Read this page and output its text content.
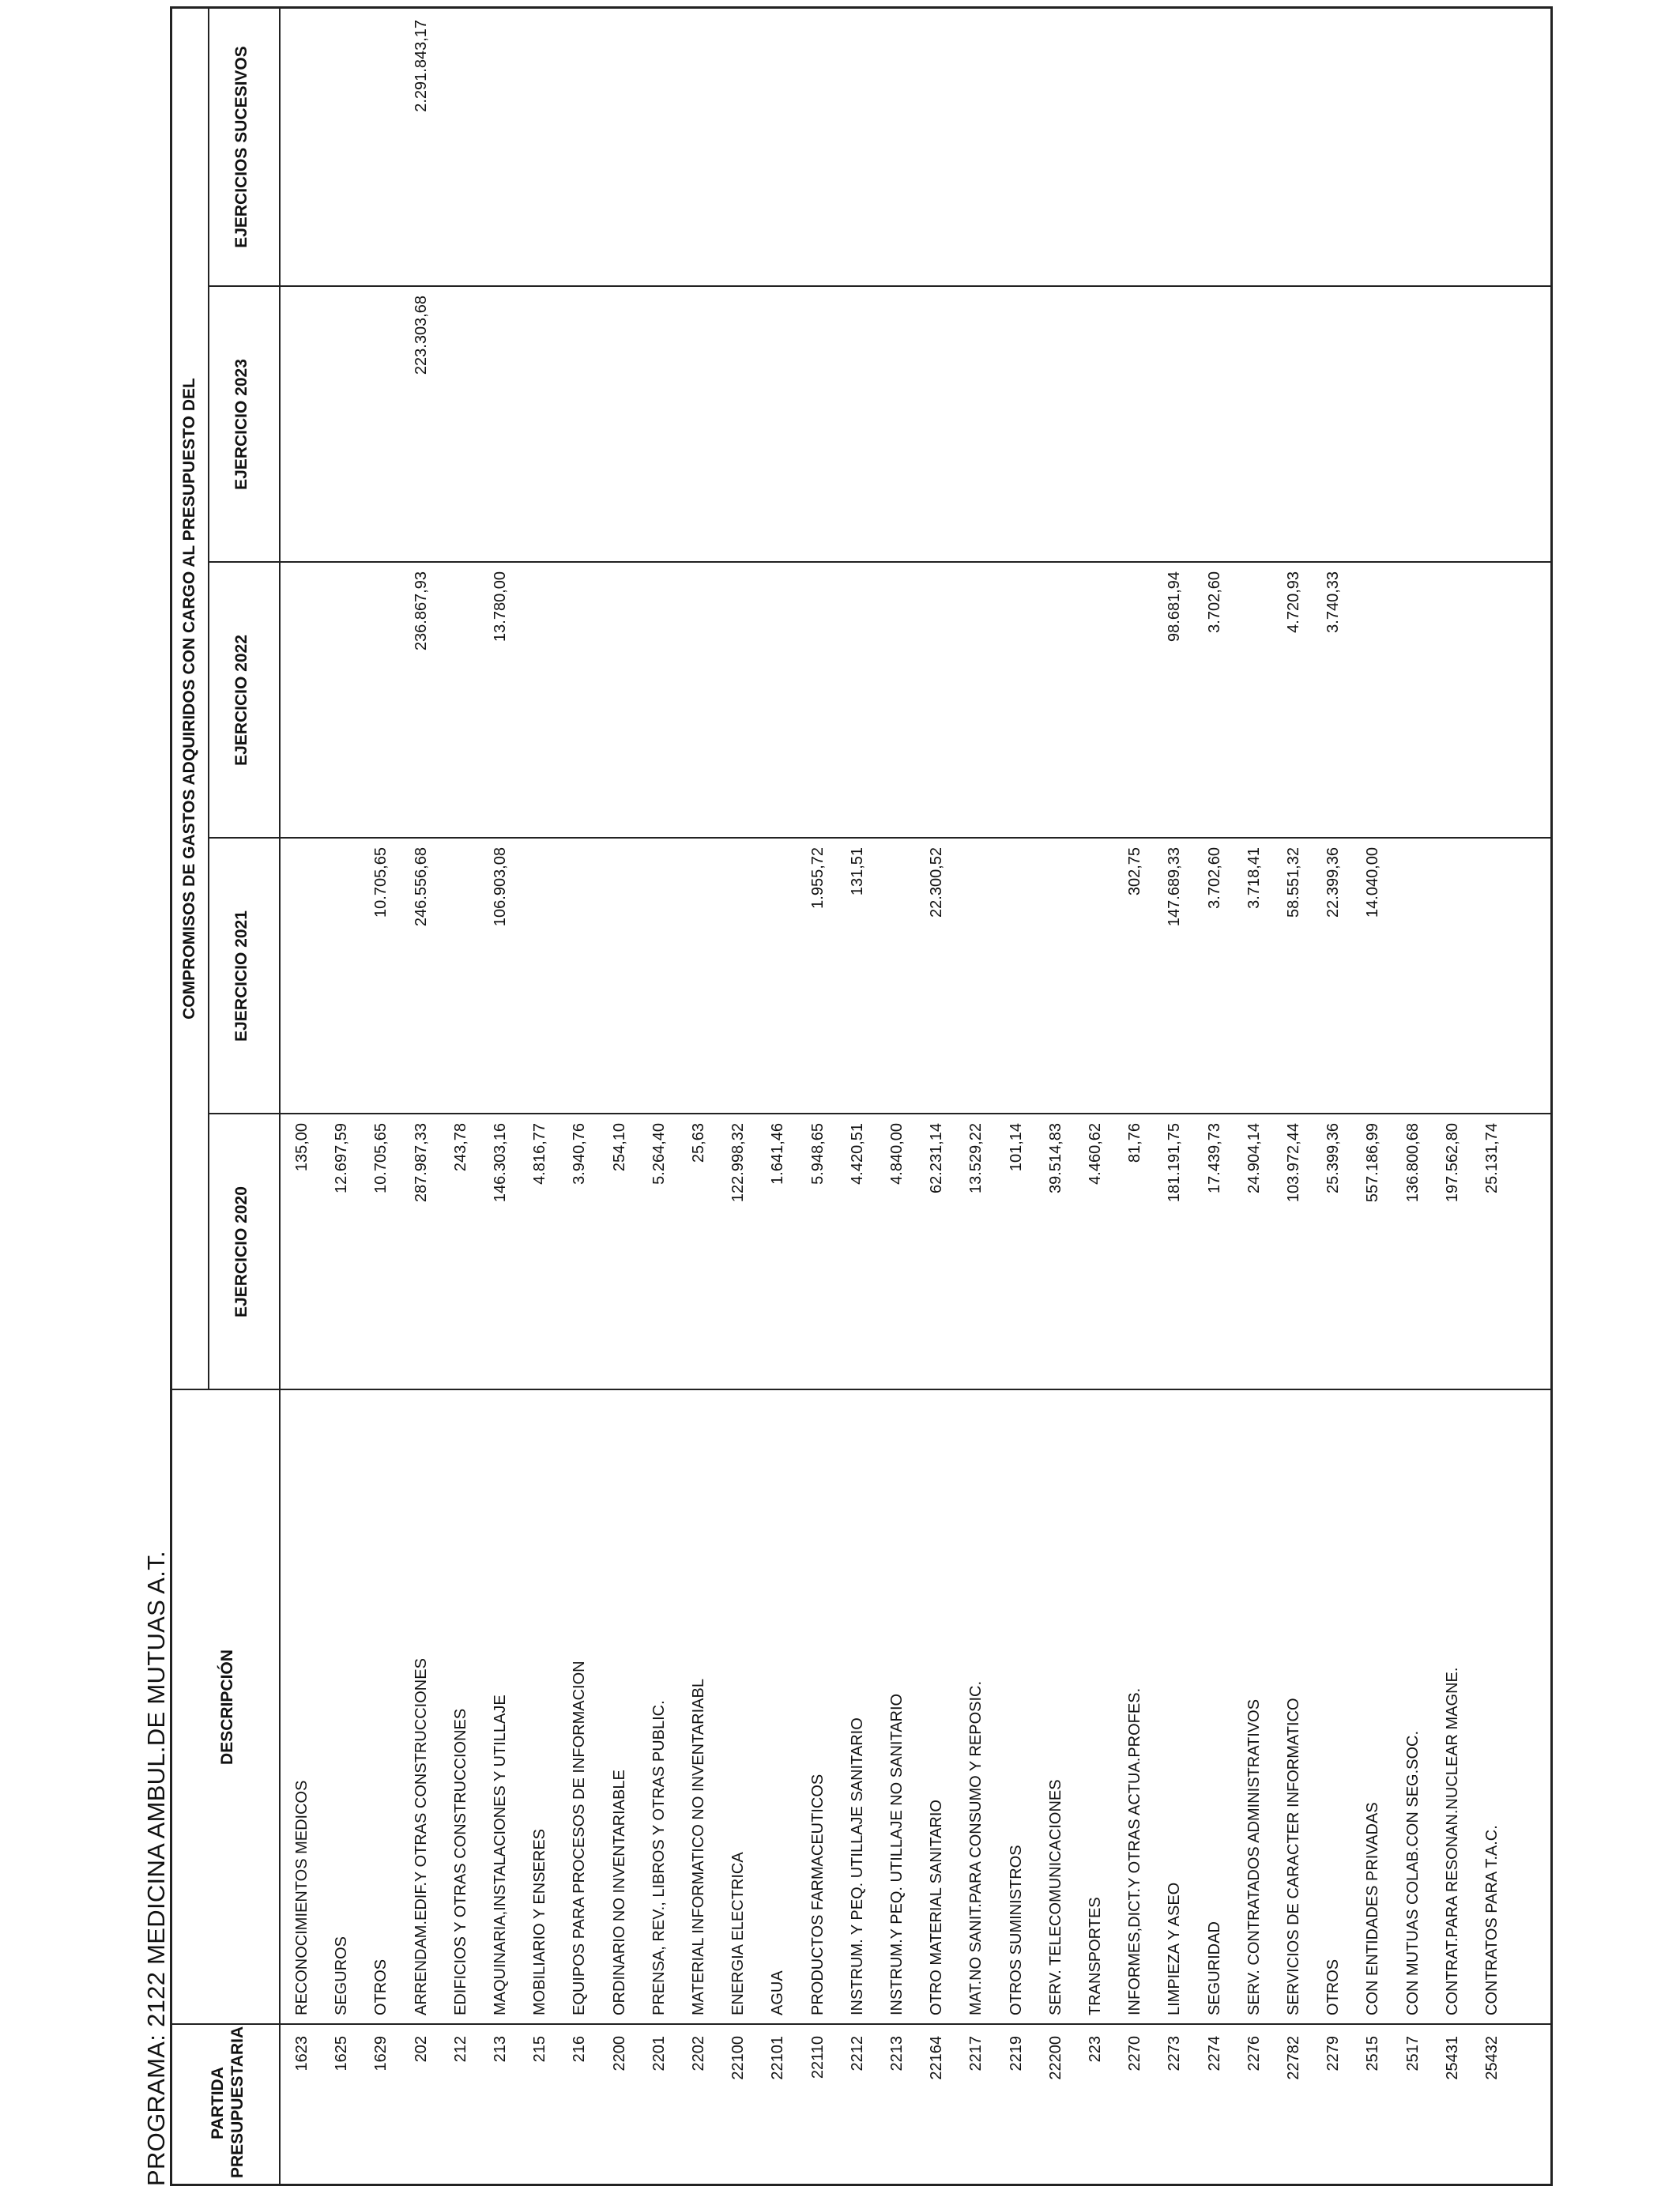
PROGRAMA: 2122 MEDICINA AMBUL.DE MUTUAS A.T. PARTIDA PRESUPUESTARIA
DESCRIPCIÓN
COMPROMISOS DE GASTOS ADQUIRIDOS CON CARGO AL PRESUPUESTO DEL
EJERCICIO 2020
EJERCICIO 2021
EJERCICIO 2022
EJERCICIO 2023
EJERCICIOS SUCESIVOS
1623
RECONOCIMIENTOS MEDICOS
135,00
1625
SEGUROS
12.697,59
1629
OTROS
10.705,65
10.705,65
202
ARRENDAM.EDIF.Y OTRAS CONSTRUCCIONES
287.987,33
246.556,68
236.867,93
223.303,68
2.291.843,17
212
EDIFICIOS Y OTRAS CONSTRUCCIONES
243,78
213
MAQUINARIA,INSTALACIONES Y UTILLAJE
146.303,16
106.903,08
13.780,00
215
MOBILIARIO Y ENSERES
4.816,77
216
EQUIPOS PARA PROCESOS DE INFORMACION
3.940,76
2200
ORDINARIO NO INVENTARIABLE
254,10
2201
PRENSA, REV., LIBROS Y OTRAS PUBLIC.
5.264,40
2202
MATERIAL INFORMATICO NO INVENTARIABL
25,63
22100
ENERGIA ELECTRICA
122.998,32
22101
AGUA
1.641,46
22110
PRODUCTOS FARMACEUTICOS
5.948,65
1.955,72
2212
INSTRUM. Y PEQ. UTILLAJE SANITARIO
4.420,51
131,51
2213
INSTRUM.Y PEQ. UTILLAJE NO SANITARIO
4.840,00
22164
OTRO MATERIAL SANITARIO
62.231,14
22.300,52
2217
MAT.NO SANIT.PARA CONSUMO Y REPOSIC.
13.529,22
2219
OTROS SUMINISTROS
101,14
22200
SERV. TELECOMUNICACIONES
39.514,83
223
TRANSPORTES
4.460,62
2270
INFORMES,DICT.Y OTRAS ACTUA.PROFES.
81,76
302,75
2273
LIMPIEZA Y ASEO
181.191,75
147.689,33
98.681,94
2274
SEGURIDAD
17.439,73
3.702,60
3.702,60
2276
SERV. CONTRATADOS ADMINISTRATIVOS
24.904,14
3.718,41
22782
SERVICIOS DE CARACTER INFORMATICO
103.972,44
58.551,32
4.720,93
2279
OTROS
25.399,36
22.399,36
3.740,33
2515
CON ENTIDADES PRIVADAS
557.186,99
14.040,00
2517
CON MUTUAS COLAB.CON SEG.SOC.
136.800,68
25431
CONTRAT.PARA RESONAN.NUCLEAR MAGNE.
197.562,80
25432
CONTRATOS PARA T.A.C.
25.131,74
